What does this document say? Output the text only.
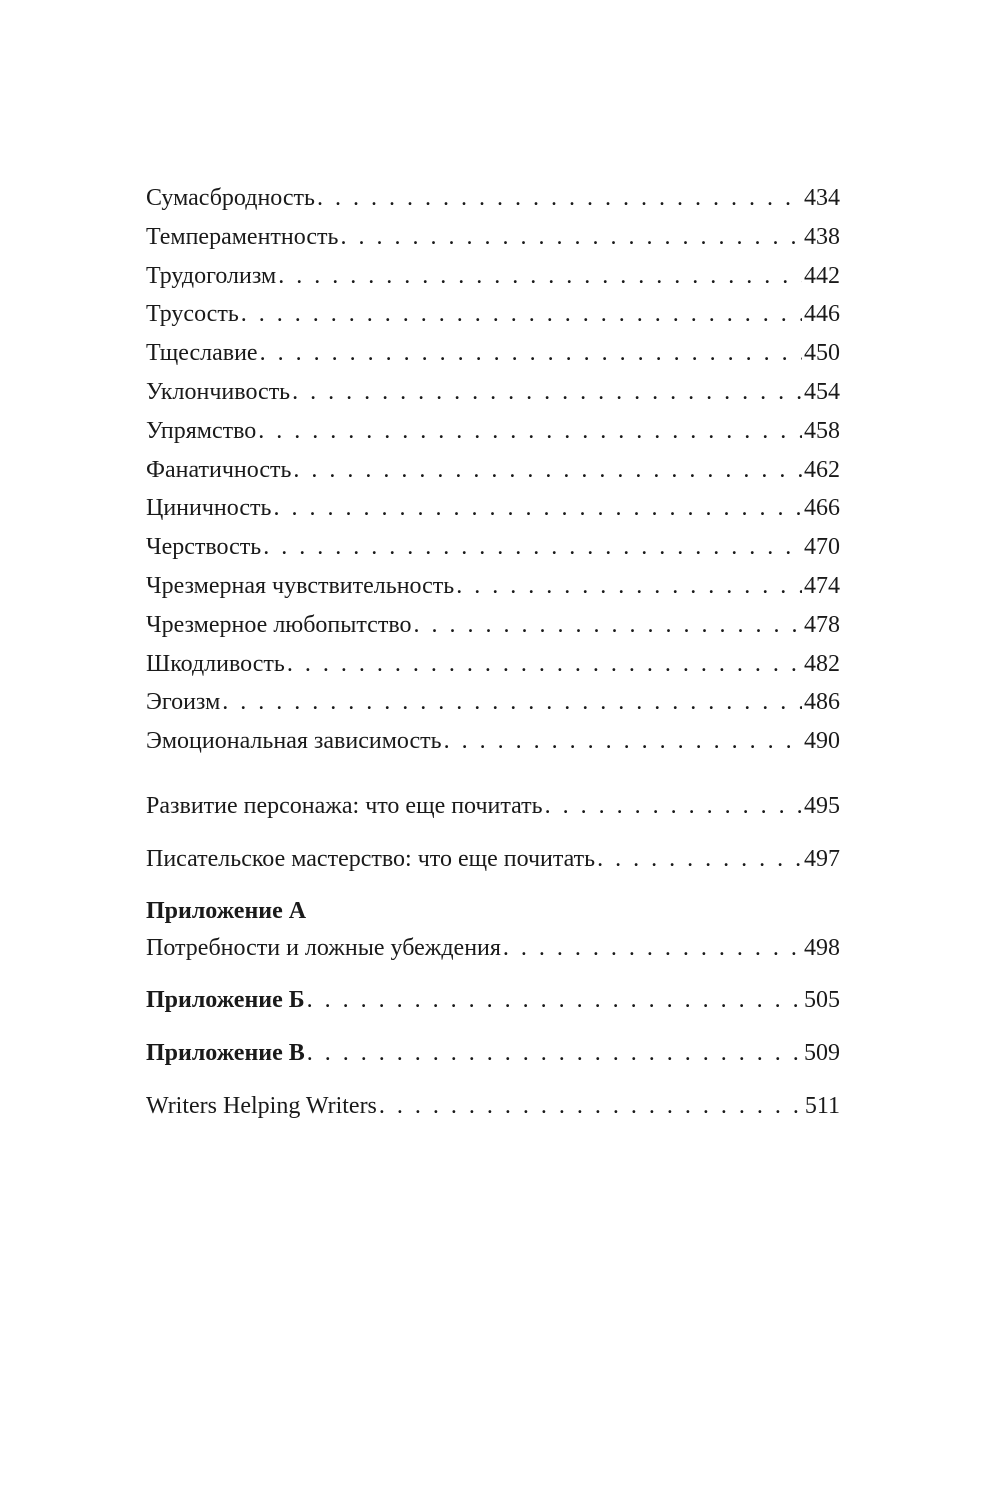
Сумасбродность . . .	434
Темпераментность . . .	438
Трудоголизм . . .	442
Трусость . . .	446
Тщеславие . . .	450
Уклончивость . . .	454
Упрямство . . .	458
Фанатичность . . .	462
Циничность . . .	466
Черствость . . .	470
Чрезмерная чувствительность . . .	474
Чрезмерное любопытство . . .	478
Шкодливость . . .	482
Эгоизм . . .	486
Эмоциональная зависимость . . .	490
Развитие персонажа: что еще почитать . . .	495
Писательское мастерство: что еще почитать . . .	497
Приложение А
Потребности и ложные убеждения . . .	498
Приложение Б . . .	505
Приложение В . . .	509
Writers Helping Writers . . .	511
